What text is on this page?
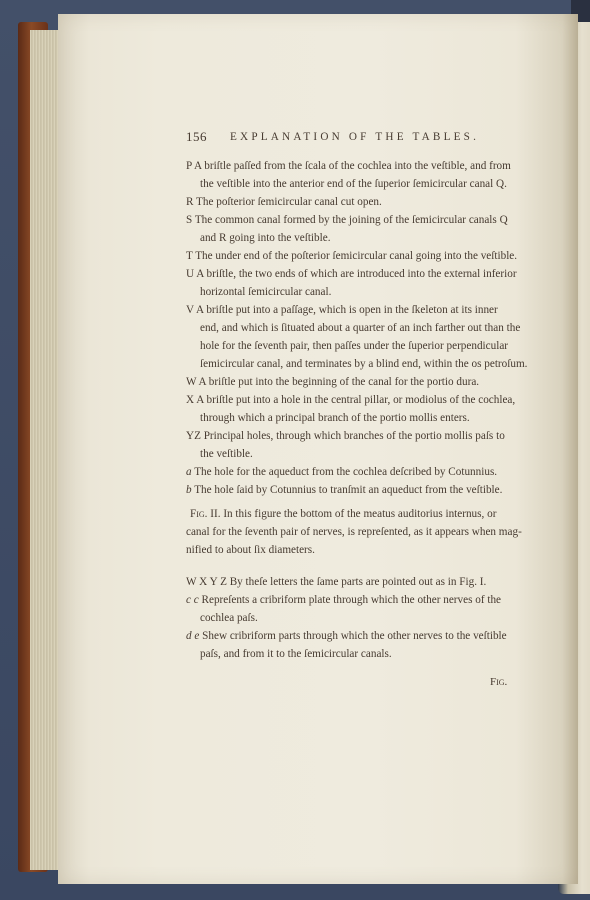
156 EXPLANATION OF THE TABLES.
P A briſtle paſſed from the ſcala of the cochlea into the veſtible, and from
the veſtible into the anterior end of the ſuperior ſemicircular canal Q.
R The poſterior ſemicircular canal cut open.
S The common canal formed by the joining of the ſemicircular canals Q
and R going into the veſtible.
T The under end of the poſterior ſemicircular canal going into the veſtible.
U A briſtle, the two ends of which are introduced into the external inferior
horizontal ſemicircular canal.
V A briſtle put into a paſſage, which is open in the ſkeleton at its inner
end, and which is ſituated about a quarter of an inch farther out than the
hole for the ſeventh pair, then paſſes under the ſuperior perpendicular
ſemicircular canal, and terminates by a blind end, within the os petroſum.
W A briſtle put into the beginning of the canal for the portio dura.
X A briſtle put into a hole in the central pillar, or modiolus of the cochlea,
through which a principal branch of the portio mollis enters.
YZ Principal holes, through which branches of the portio mollis paſs to
the veſtible.
a The hole for the aqueduct from the cochlea deſcribed by Cotunnius.
b The hole ſaid by Cotunnius to tranſmit an aqueduct from the veſtible.
Fig. II. In this figure the bottom of the meatus auditorius internus, or
canal for the ſeventh pair of nerves, is repreſented, as it appears when mag-
nified to about ſix diameters.
W X Y Z By theſe letters the ſame parts are pointed out as in Fig. I.
c c Repreſents a cribriform plate through which the other nerves of the
cochlea paſs.
d e Shew cribriform parts through which the other nerves to the veſtible
paſs, and from it to the ſemicircular canals.
Fig.
